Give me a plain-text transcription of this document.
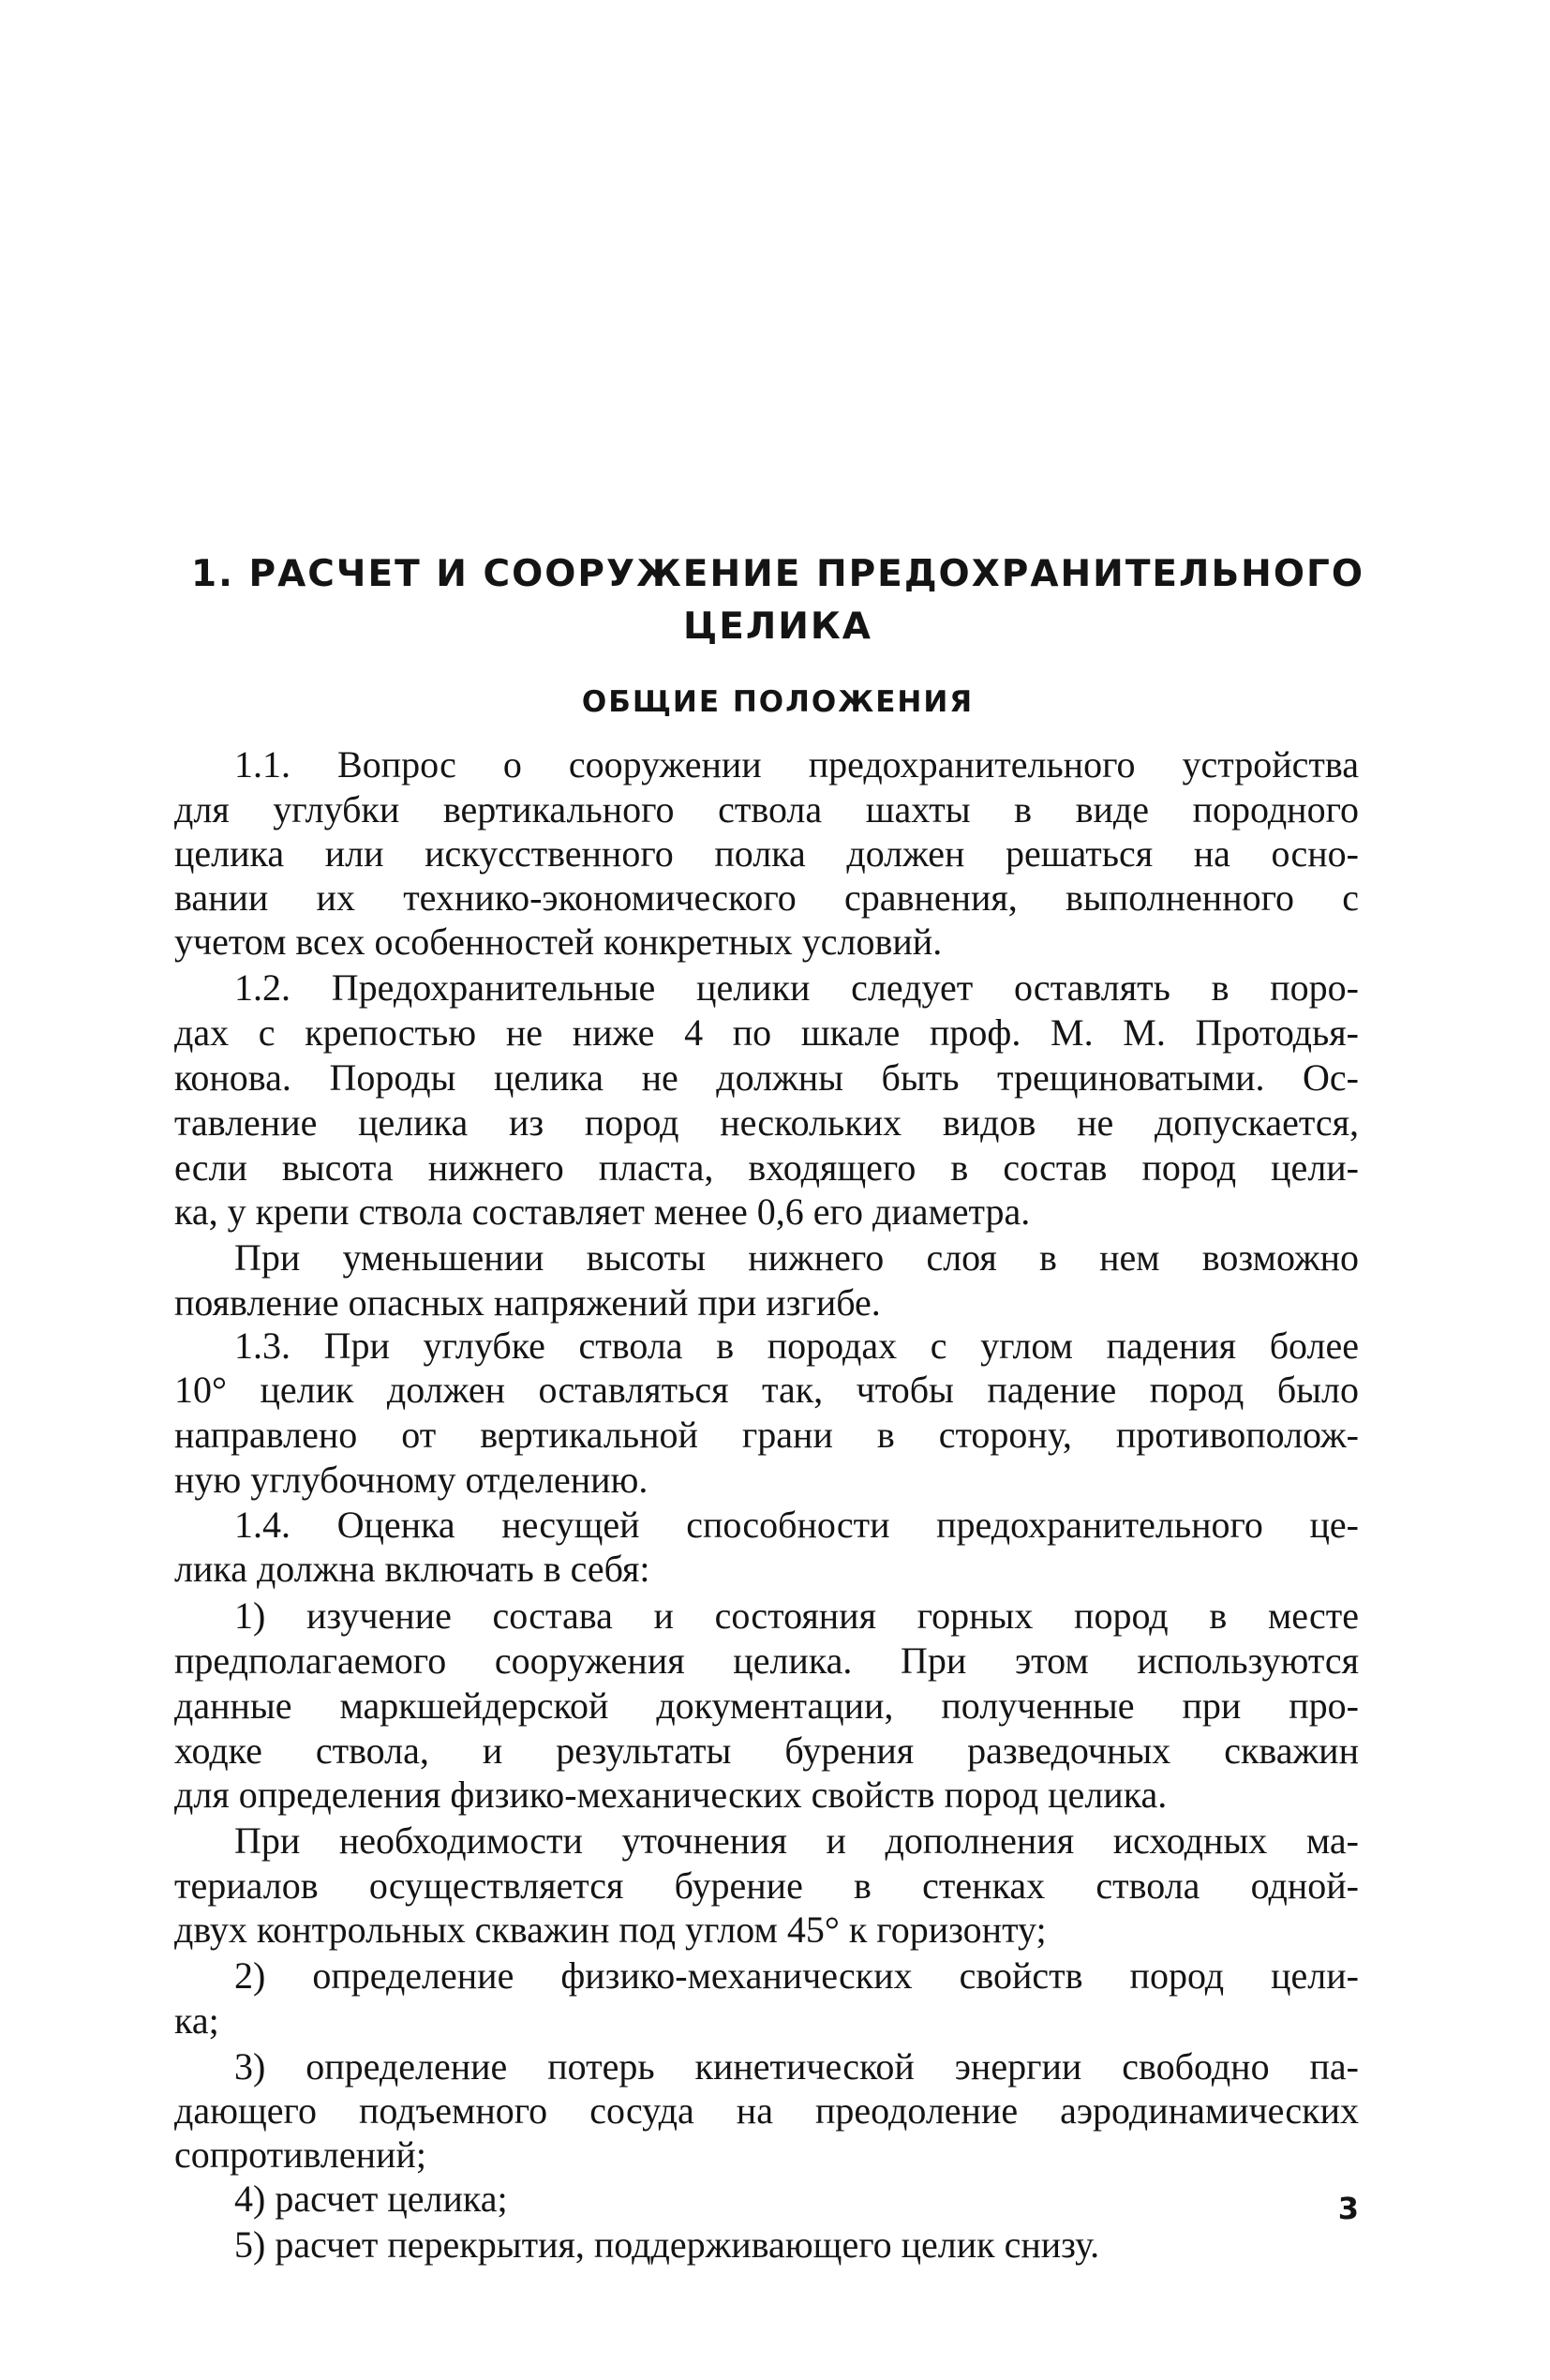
1. РАСЧЕТ И СООРУЖЕНИЕ ПРЕДОХРАНИТЕЛЬНОГО
ЦЕЛИКА
ОБЩИЕ ПОЛОЖЕНИЯ

1.1. Вопрос о сооружении предохранительного устройства

для углубки вертикального ствола шахты в виде породного

целика или искусственного полка должен решаться на осно-

вании их технико-экономического сравнения, выполненного с

учетом всех особенностей конкретных условий.

1.2. Предохранительные целики следует оставлять в поро-

дах с крепостью не ниже 4 по шкале проф. М. М. Протодья-

конова. Породы целика не должны быть трещиноватыми. Ос-

тавление целика из пород нескольких видов не допускается,

если высота нижнего пласта, входящего в состав пород цели-

ка, у крепи ствола составляет менее 0,6 его диаметра.

При уменьшении высоты нижнего слоя в нем возможно

появление опасных напряжений при изгибе.

1.3. При углубке ствола в породах с углом падения более

10° целик должен оставляться так, чтобы падение пород было

направлено от вертикальной грани в сторону, противополож-

ную углубочному отделению.

1.4. Оценка несущей способности предохранительного це-

лика должна включать в себя:

1) изучение состава и состояния горных пород в месте

предполагаемого сооружения целика. При этом используются

данные маркшейдерской документации, полученные при про-

ходке ствола, и результаты бурения разведочных скважин

для определения физико-механических свойств пород целика.

При необходимости уточнения и дополнения исходных ма-

териалов осуществляется бурение в стенках ствола одной-

двух контрольных скважин под углом 45° к горизонту;

2) определение физико-механических свойств пород цели-

ка;

3) определение потерь кинетической энергии свободно па-

дающего подъемного сосуда на преодоление аэродинамических

сопротивлений;

4) расчет целика;

5) расчет перекрытия, поддерживающего целик снизу.

3
